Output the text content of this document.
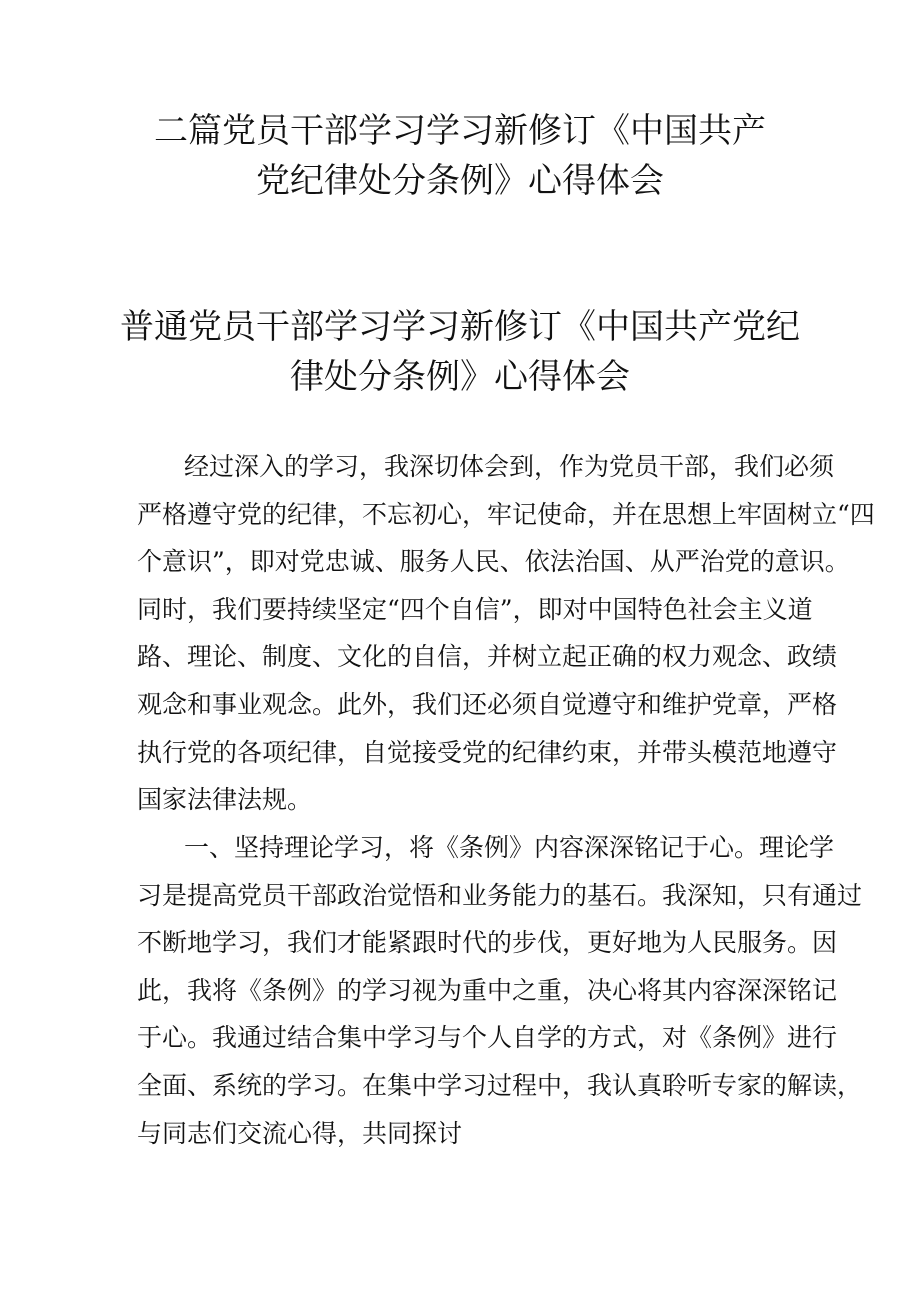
二篇党员干部学习学习新修订《中国共产
党纪律处分条例》心得体会
普通党员干部学习学习新修订《中国共产党纪
律处分条例》心得体会
经过深入的学习，我深切体会到，作为党员干部，我们必须
严格遵守党的纪律，不忘初心，牢记使命，并在思想上牢固树立“四
个意识”，即对党忠诚、服务人民、依法治国、从严治党的意识。
同时，我们要持续坚定“四个自信”，即对中国特色社会主义道
路、理论、制度、文化的自信，并树立起正确的权力观念、政绩
观念和事业观念。此外，我们还必须自觉遵守和维护党章，严格
执行党的各项纪律，自觉接受党的纪律约束，并带头模范地遵守
国家法律法规。
一、坚持理论学习，将《条例》内容深深铭记于心。理论学
习是提高党员干部政治觉悟和业务能力的基石。我深知，只有通过
不断地学习，我们才能紧跟时代的步伐，更好地为人民服务。因
此，我将《条例》的学习视为重中之重，决心将其内容深深铭记
于心。我通过结合集中学习与个人自学的方式，对《条例》进行
全面、系统的学习。在集中学习过程中，我认真聆听专家的解读，
与同志们交流心得，共同探讨
